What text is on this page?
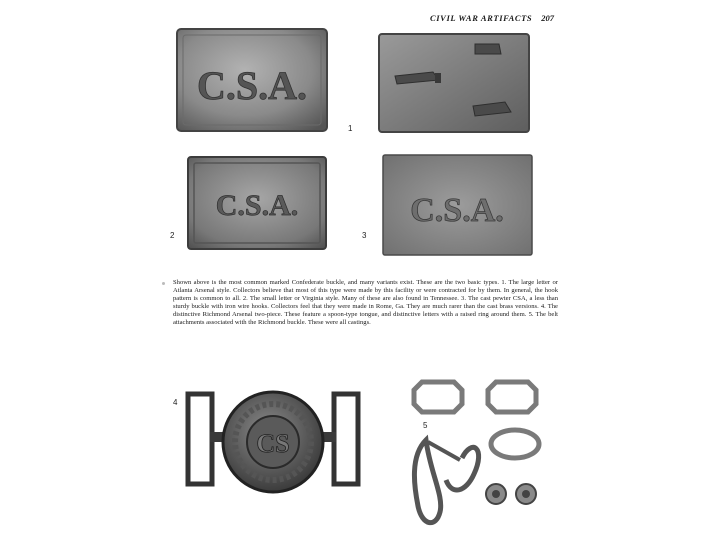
CIVIL WAR ARTIFACTS 207
C.S.A.
1
C.S.A.
2
C.S.A.
3
Shown above is the most common marked Confederate buckle, and many variants exist. These are the two basic types. 1. The large letter or Atlanta Arsenal style. Collectors believe that most of this type were made by this facility or were contracted for by them. In general, the hook pattern is common to all. 2. The small letter or Virginia style. Many of these are also found in Tennessee. 3. The cast pewter CSA, a less than sturdy buckle with iron wire hooks. Collectors feel that they were made in Rome, Ga. They are much rarer than the cast brass versions. 4. The distinctive Richmond Arsenal two-piece. These feature a spoon-type tongue, and distinctive letters with a raised ring around them. 5. The belt attachments associated with the Richmond buckle. These were all castings.
CS
4
5
